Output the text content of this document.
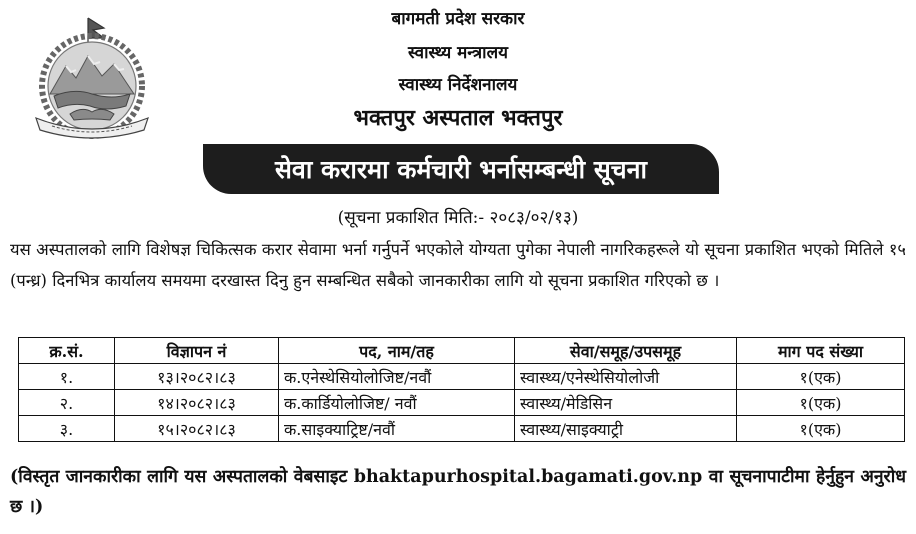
बागमती प्रदेश सरकार
स्वास्थ्य मन्त्रालय
स्वास्थ्य निर्देशनालय
भक्तपुर अस्पताल भक्तपुर
सेवा करारमा कर्मचारी भर्नासम्बन्धी सूचना
(सूचना प्रकाशित मिति:- २०८३/०२/१३)
यस अस्पतालको लागि विशेषज्ञ चिकित्सक करार सेवामा भर्ना गर्नुपर्ने भएकोले योग्यता पुगेका नेपाली नागरिकहरूले यो सूचना प्रकाशित भएको मितिले १५ (पन्ध्र) दिनभित्र कार्यालय समयमा दरखास्त दिनु हुन सम्बन्धित सबैको जानकारीका लागि यो सूचना प्रकाशित गरिएको छ ।
क्र.सं.	विज्ञापन नं	पद, नाम/तह	सेवा/समूह/उपसमूह	माग पद संख्या
१.	१३।२०८२।८३	क.एनेस्थेसियोलोजिष्ट/नवौं	स्वास्थ्य/एनेस्थेसियोलोजी	१(एक)
२.	१४।२०८२।८३	क.कार्डियोलोजिष्ट/ नवौं	स्वास्थ्य/मेडिसिन	१(एक)
३.	१५।२०८२।८३	क.साइक्याट्रिष्ट/नवौं	स्वास्थ्य/साइक्याट्री	१(एक)
(विस्तृत जानकारीका लागि यस अस्पतालको वेबसाइट bhaktapurhospital.bagamati.gov.np वा सूचनापाटीमा हेर्नुहुन अनुरोध छ ।)
